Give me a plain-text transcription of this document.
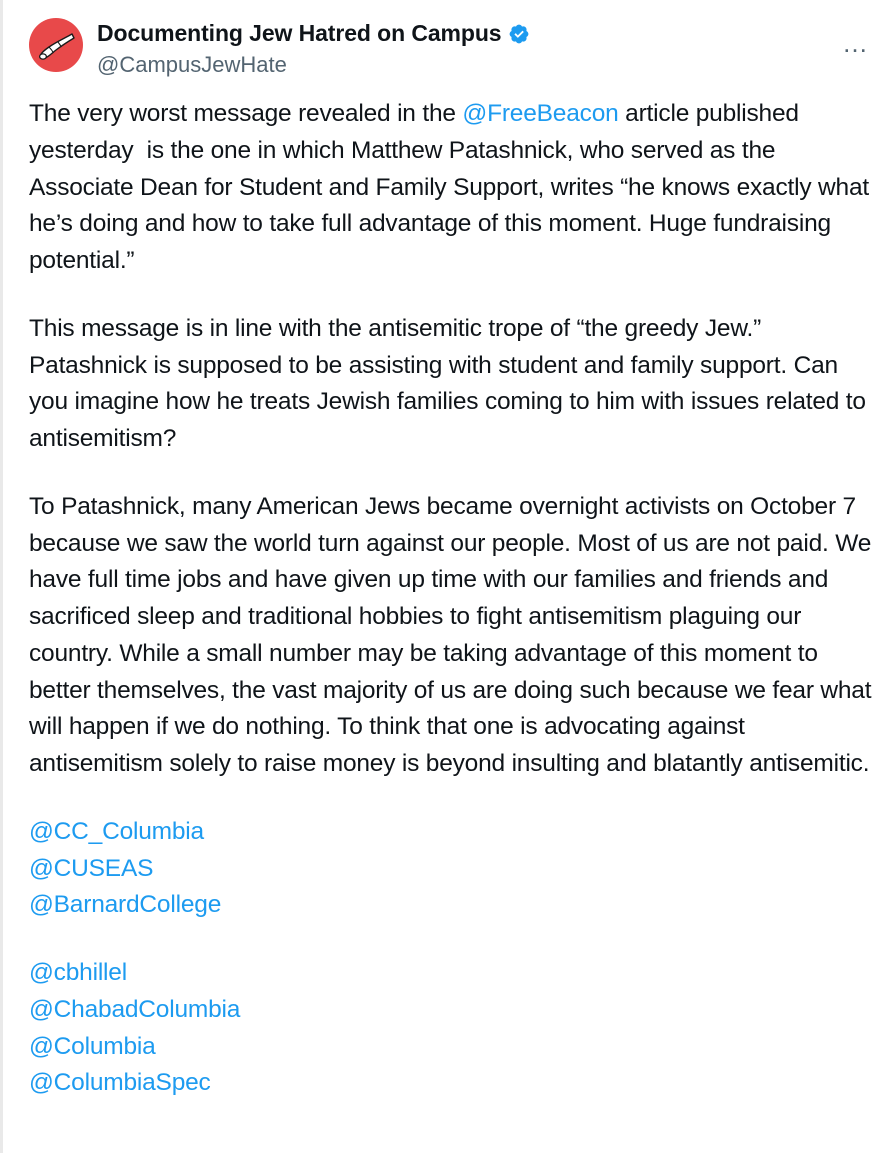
Documenting Jew Hatred on Campus
@CampusJewHate
…

The very worst message revealed in the @FreeBeacon article published yesterday  is the one in which Matthew Patashnick, who served as the Associate Dean for Student and Family Support, writes “he knows exactly what he’s doing and how to take full advantage of this moment. Huge fundraising potential.”

This message is in line with the antisemitic trope of “the greedy Jew.” Patashnick is supposed to be assisting with student and family support. Can you imagine how he treats Jewish families coming to him with issues related to antisemitism?

To Patashnick, many American Jews became overnight activists on October 7 because we saw the world turn against our people. Most of us are not paid. We have full time jobs and have given up time with our families and friends and sacrificed sleep and traditional hobbies to fight antisemitism plaguing our country. While a small number may be taking advantage of this moment to better themselves, the vast majority of us are doing such because we fear what will happen if we do nothing. To think that one is advocating against antisemitism solely to raise money is beyond insulting and blatantly antisemitic.

@CC_Columbia
@CUSEAS
@BarnardCollege
@cbhillel
@ChabadColumbia
@Columbia
@ColumbiaSpec
